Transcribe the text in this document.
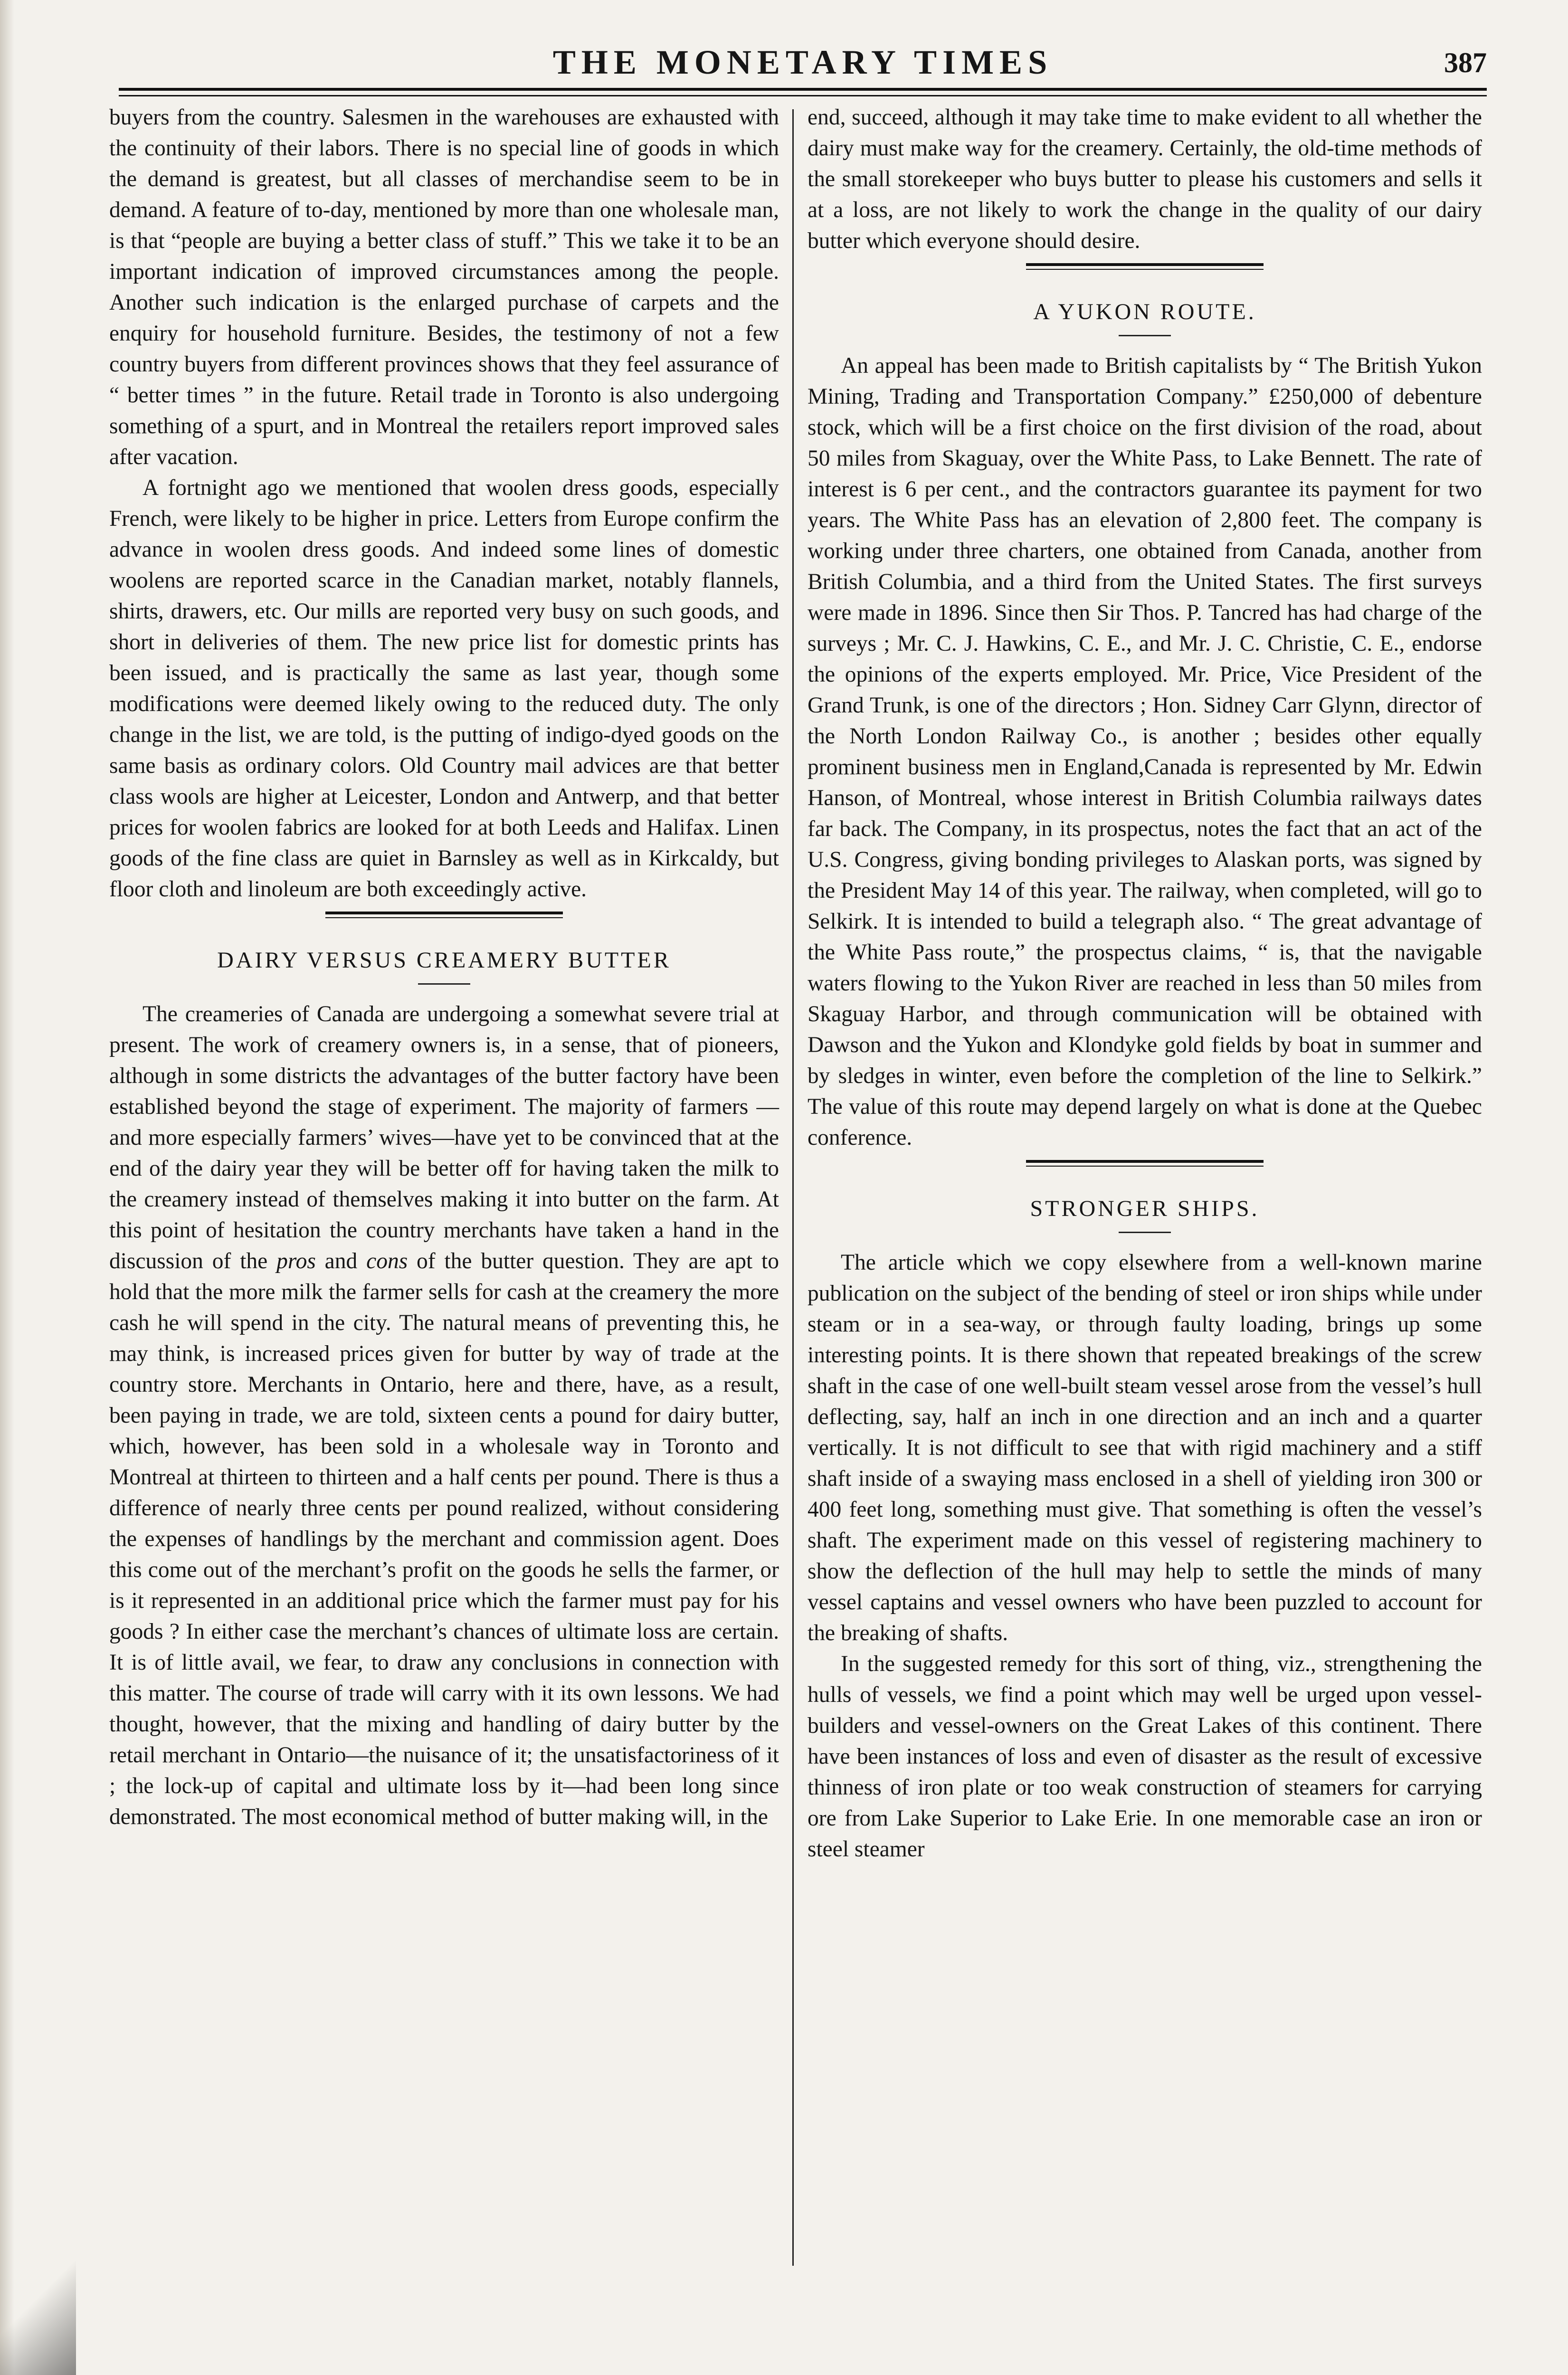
THE MONETARY TIMES	387

buyers from the country. Salesmen in the warehouses are exhausted with the continuity of their labors. There is no special line of goods in which the demand is greatest, but all classes of merchandise seem to be in demand. A feature of to-day, mentioned by more than one wholesale man, is that “people are buying a better class of stuff.” This we take it to be an important indication of improved circumstances among the people. Another such indication is the enlarged purchase of carpets and the enquiry for household furniture. Besides, the testimony of not a few country buyers from different provinces shows that they feel assurance of “ better times ” in the future. Retail trade in Toronto is also undergoing something of a spurt, and in Montreal the retailers report improved sales after vacation.

A fortnight ago we mentioned that woolen dress goods, especially French, were likely to be higher in price. Letters from Europe confirm the advance in woolen dress goods. And indeed some lines of domestic woolens are reported scarce in the Canadian market, notably flannels, shirts, drawers, etc. Our mills are reported very busy on such goods, and short in deliveries of them. The new price list for domestic prints has been issued, and is practically the same as last year, though some modifications were deemed likely owing to the reduced duty. The only change in the list, we are told, is the putting of indigo-dyed goods on the same basis as ordinary colors. Old Country mail advices are that better class wools are higher at Leicester, London and Antwerp, and that better prices for woolen fabrics are looked for at both Leeds and Halifax. Linen goods of the fine class are quiet in Barnsley as well as in Kirkcaldy, but floor cloth and linoleum are both exceedingly active.

DAIRY VERSUS CREAMERY BUTTER

The creameries of Canada are undergoing a somewhat severe trial at present. The work of creamery owners is, in a sense, that of pioneers, although in some districts the advantages of the butter factory have been established beyond the stage of experiment. The majority of farmers —and more especially farmers’ wives—have yet to be convinced that at the end of the dairy year they will be better off for having taken the milk to the creamery instead of themselves making it into butter on the farm. At this point of hesitation the country merchants have taken a hand in the discussion of the pros and cons of the butter question. They are apt to hold that the more milk the farmer sells for cash at the creamery the more cash he will spend in the city. The natural means of preventing this, he may think, is increased prices given for butter by way of trade at the country store. Merchants in Ontario, here and there, have, as a result, been paying in trade, we are told, sixteen cents a pound for dairy butter, which, however, has been sold in a wholesale way in Toronto and Montreal at thirteen to thirteen and a half cents per pound. There is thus a difference of nearly three cents per pound realized, without considering the expenses of handlings by the merchant and commission agent. Does this come out of the merchant’s profit on the goods he sells the farmer, or is it represented in an additional price which the farmer must pay for his goods ? In either case the merchant’s chances of ultimate loss are certain. It is of little avail, we fear, to draw any conclusions in connection with this matter. The course of trade will carry with it its own lessons. We had thought, however, that the mixing and handling of dairy butter by the retail merchant in Ontario—the nuisance of it; the unsatisfactoriness of it ; the lock-up of capital and ultimate loss by it—had been long since demonstrated. The most economical method of butter making will, in the

end, succeed, although it may take time to make evident to all whether the dairy must make way for the creamery. Certainly, the old-time methods of the small storekeeper who buys butter to please his customers and sells it at a loss, are not likely to work the change in the quality of our dairy butter which everyone should desire.

A YUKON ROUTE.

An appeal has been made to British capitalists by “ The British Yukon Mining, Trading and Transportation Company.” £250,000 of debenture stock, which will be a first choice on the first division of the road, about 50 miles from Skaguay, over the White Pass, to Lake Bennett. The rate of interest is 6 per cent., and the contractors guarantee its payment for two years. The White Pass has an elevation of 2,800 feet. The company is working under three charters, one obtained from Canada, another from British Columbia, and a third from the United States. The first surveys were made in 1896. Since then Sir Thos. P. Tancred has had charge of the surveys ; Mr. C. J. Hawkins, C. E., and Mr. J. C. Christie, C. E., endorse the opinions of the experts employed. Mr. Price, Vice President of the Grand Trunk, is one of the directors ; Hon. Sidney Carr Glynn, director of the North London Railway Co., is another ; besides other equally prominent business men in England,Canada is represented by Mr. Edwin Hanson, of Montreal, whose interest in British Columbia railways dates far back. The Company, in its prospectus, notes the fact that an act of the U.S. Congress, giving bonding privileges to Alaskan ports, was signed by the President May 14 of this year. The railway, when completed, will go to Selkirk. It is intended to build a telegraph also. “ The great advantage of the White Pass route,” the prospectus claims, “ is, that the navigable waters flowing to the Yukon River are reached in less than 50 miles from Skaguay Harbor, and through communication will be obtained with Dawson and the Yukon and Klondyke gold fields by boat in summer and by sledges in winter, even before the completion of the line to Selkirk.” The value of this route may depend largely on what is done at the Quebec conference.

STRONGER SHIPS.

The article which we copy elsewhere from a well-known marine publication on the subject of the bending of steel or iron ships while under steam or in a sea-way, or through faulty loading, brings up some interesting points. It is there shown that repeated breakings of the screw shaft in the case of one well-built steam vessel arose from the vessel’s hull deflecting, say, half an inch in one direction and an inch and a quarter vertically. It is not difficult to see that with rigid machinery and a stiff shaft inside of a swaying mass enclosed in a shell of yielding iron 300 or 400 feet long, something must give. That something is often the vessel’s shaft. The experiment made on this vessel of registering machinery to show the deflection of the hull may help to settle the minds of many vessel captains and vessel owners who have been puzzled to account for the breaking of shafts.

In the suggested remedy for this sort of thing, viz., strengthening the hulls of vessels, we find a point which may well be urged upon vessel-builders and vessel-owners on the Great Lakes of this continent. There have been instances of loss and even of disaster as the result of excessive thinness of iron plate or too weak construction of steamers for carrying ore from Lake Superior to Lake Erie. In one memorable case an iron or steel steamer
